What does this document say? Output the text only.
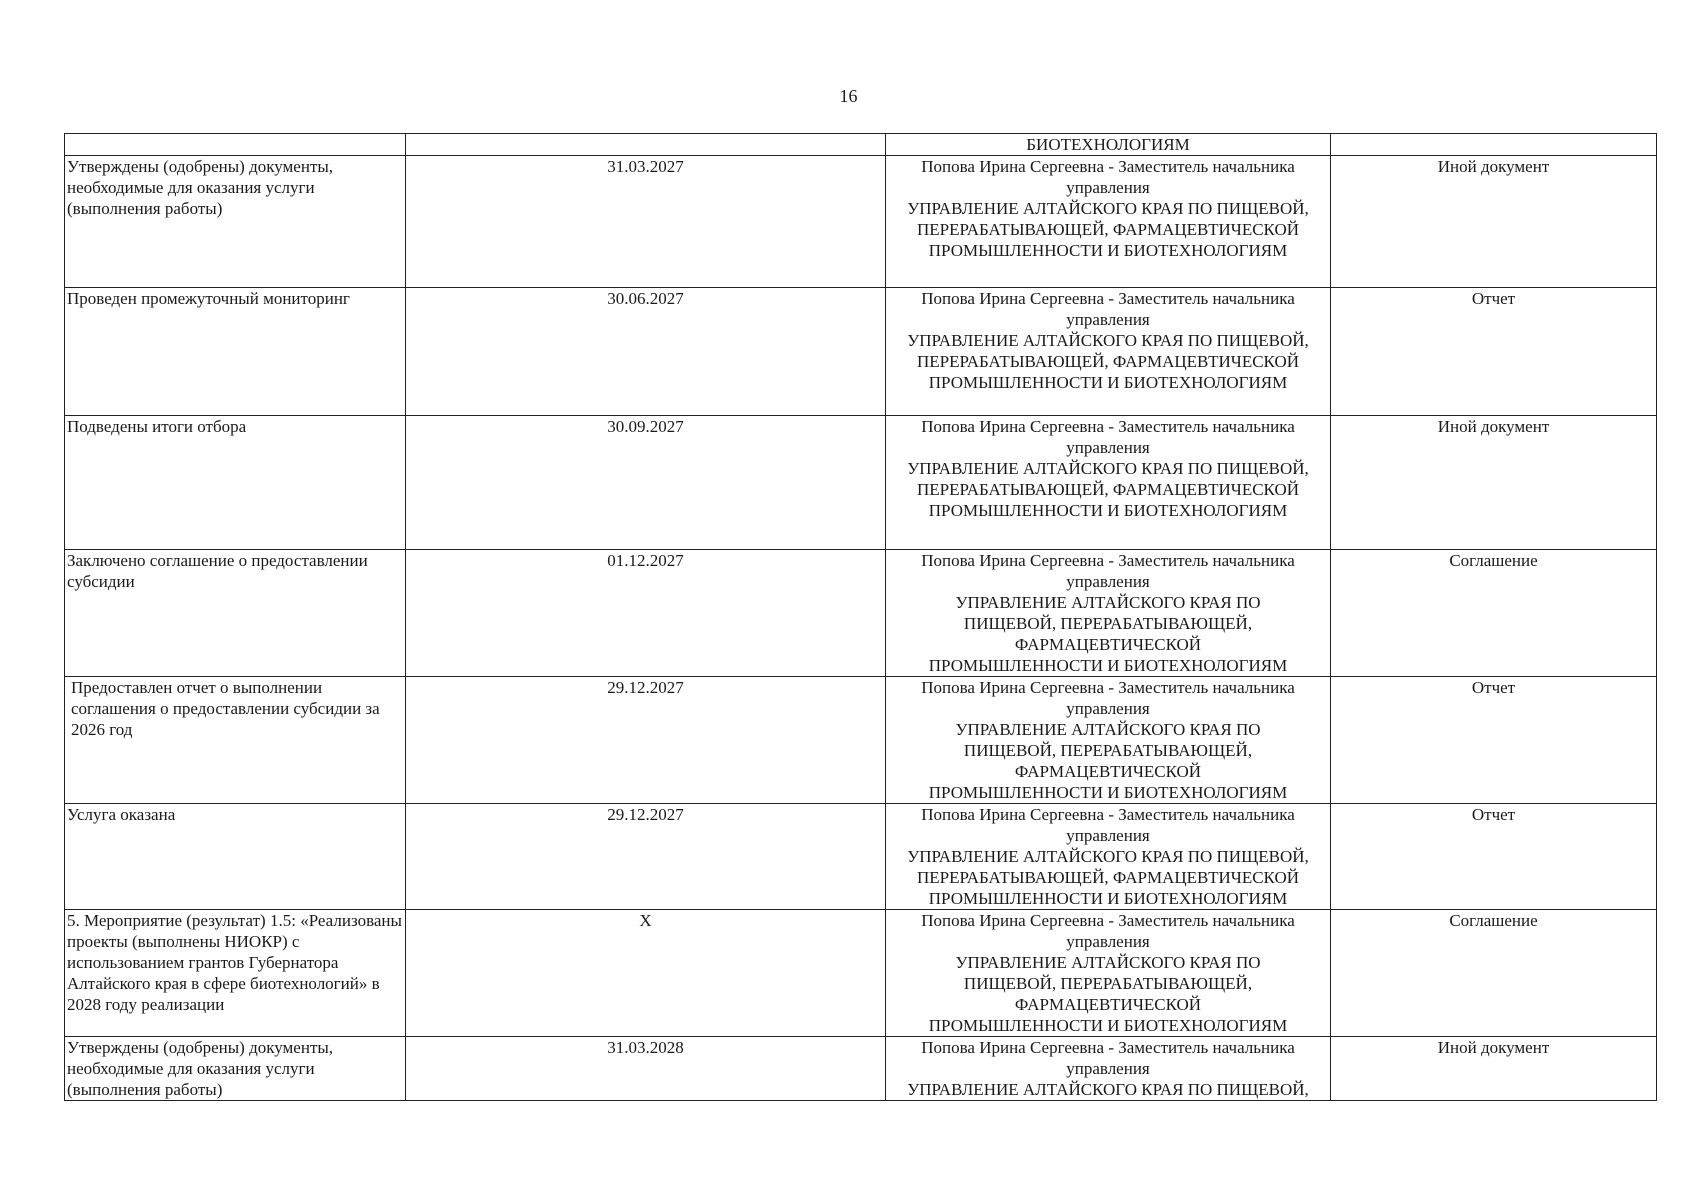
16
		БИОТЕХНОЛОГИЯМ	
Утверждены (одобрены) документы, необходимые для оказания услуги (выполнения работы)	31.03.2027	Попова Ирина Сергеевна - Заместитель начальника управления
УПРАВЛЕНИЕ АЛТАЙСКОГО КРАЯ ПО ПИЩЕВОЙ, ПЕРЕРАБАТЫВАЮЩЕЙ, ФАРМАЦЕВТИЧЕСКОЙ ПРОМЫШЛЕННОСТИ И БИОТЕХНОЛОГИЯМ	Иной документ
Проведен промежуточный мониторинг	30.06.2027	Попова Ирина Сергеевна - Заместитель начальника управления
УПРАВЛЕНИЕ АЛТАЙСКОГО КРАЯ ПО ПИЩЕВОЙ, ПЕРЕРАБАТЫВАЮЩЕЙ, ФАРМАЦЕВТИЧЕСКОЙ ПРОМЫШЛЕННОСТИ И БИОТЕХНОЛОГИЯМ	Отчет
Подведены итоги отбора	30.09.2027	Попова Ирина Сергеевна - Заместитель начальника управления
УПРАВЛЕНИЕ АЛТАЙСКОГО КРАЯ ПО ПИЩЕВОЙ, ПЕРЕРАБАТЫВАЮЩЕЙ, ФАРМАЦЕВТИЧЕСКОЙ ПРОМЫШЛЕННОСТИ И БИОТЕХНОЛОГИЯМ	Иной документ
Заключено соглашение о предоставлении субсидии	01.12.2027	Попова Ирина Сергеевна - Заместитель начальника управления
УПРАВЛЕНИЕ АЛТАЙСКОГО КРАЯ ПО ПИЩЕВОЙ, ПЕРЕРАБАТЫВАЮЩЕЙ, ФАРМАЦЕВТИЧЕСКОЙ ПРОМЫШЛЕННОСТИ И БИОТЕХНОЛОГИЯМ	Соглашение
Предоставлен отчет о выполнении соглашения о предоставлении субсидии за 2026 год	29.12.2027	Попова Ирина Сергеевна - Заместитель начальника управления
УПРАВЛЕНИЕ АЛТАЙСКОГО КРАЯ ПО ПИЩЕВОЙ, ПЕРЕРАБАТЫВАЮЩЕЙ, ФАРМАЦЕВТИЧЕСКОЙ ПРОМЫШЛЕННОСТИ И БИОТЕХНОЛОГИЯМ	Отчет
Услуга оказана	29.12.2027	Попова Ирина Сергеевна - Заместитель начальника управления
УПРАВЛЕНИЕ АЛТАЙСКОГО КРАЯ ПО ПИЩЕВОЙ, ПЕРЕРАБАТЫВАЮЩЕЙ, ФАРМАЦЕВТИЧЕСКОЙ ПРОМЫШЛЕННОСТИ И БИОТЕХНОЛОГИЯМ	Отчет
5. Мероприятие (результат) 1.5: «Реализованы проекты (выполнены НИОКР) с использованием грантов Губернатора Алтайского края в сфере биотехнологий» в 2028 году реализации	X	Попова Ирина Сергеевна - Заместитель начальника управления
УПРАВЛЕНИЕ АЛТАЙСКОГО КРАЯ ПО ПИЩЕВОЙ, ПЕРЕРАБАТЫВАЮЩЕЙ, ФАРМАЦЕВТИЧЕСКОЙ ПРОМЫШЛЕННОСТИ И БИОТЕХНОЛОГИЯМ	Соглашение
Утверждены (одобрены) документы, необходимые для оказания услуги (выполнения работы)	31.03.2028	Попова Ирина Сергеевна - Заместитель начальника управления
УПРАВЛЕНИЕ АЛТАЙСКОГО КРАЯ ПО ПИЩЕВОЙ,	Иной документ
